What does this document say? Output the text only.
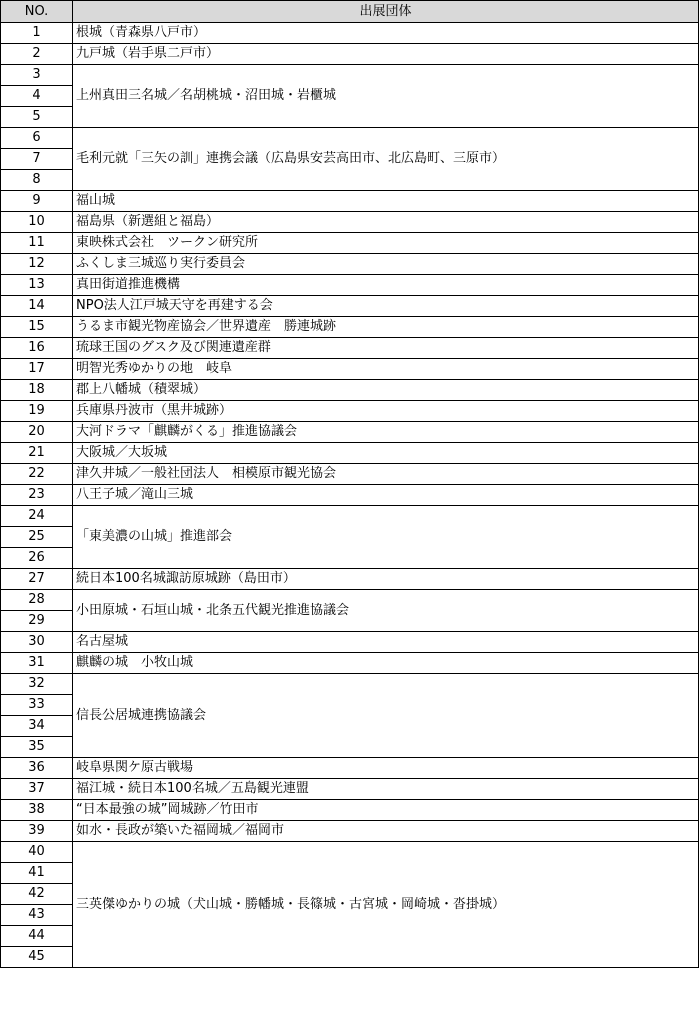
NO.	出展団体
1	根城（青森県八戸市）
2	九戸城（岩手県二戸市）
3	上州真田三名城／名胡桃城・沼田城・岩櫃城
4	
5	
6	毛利元就「三矢の訓」連携会議（広島県安芸高田市、北広島町、三原市）
7	
8	
9	福山城
10	福島県（新選組と福島）
11	東映株式会社　ツークン研究所
12	ふくしま三城巡り実行委員会
13	真田街道推進機構
14	NPO法人江戸城天守を再建する会
15	うるま市観光物産協会／世界遺産　勝連城跡
16	琉球王国のグスク及び関連遺産群
17	明智光秀ゆかりの地　岐阜
18	郡上八幡城（積翠城）
19	兵庫県丹波市（黒井城跡）
20	大河ドラマ「麒麟がくる」推進協議会
21	大阪城／大坂城
22	津久井城／一般社団法人　相模原市観光協会
23	八王子城／滝山三城
24	「東美濃の山城」推進部会
25	
26	
27	続日本100名城諏訪原城跡（島田市）
28	小田原城・石垣山城・北条五代観光推進協議会
29	
30	名古屋城
31	麒麟の城　小牧山城
32	信長公居城連携協議会
33	
34	
35	
36	岐阜県関ケ原古戦場
37	福江城・続日本100名城／五島観光連盟
38	“日本最強の城”岡城跡／竹田市
39	如水・長政が築いた福岡城／福岡市
40	三英傑ゆかりの城（犬山城・勝幡城・長篠城・古宮城・岡崎城・沓掛城）
41	
42	
43	
44	
45	
